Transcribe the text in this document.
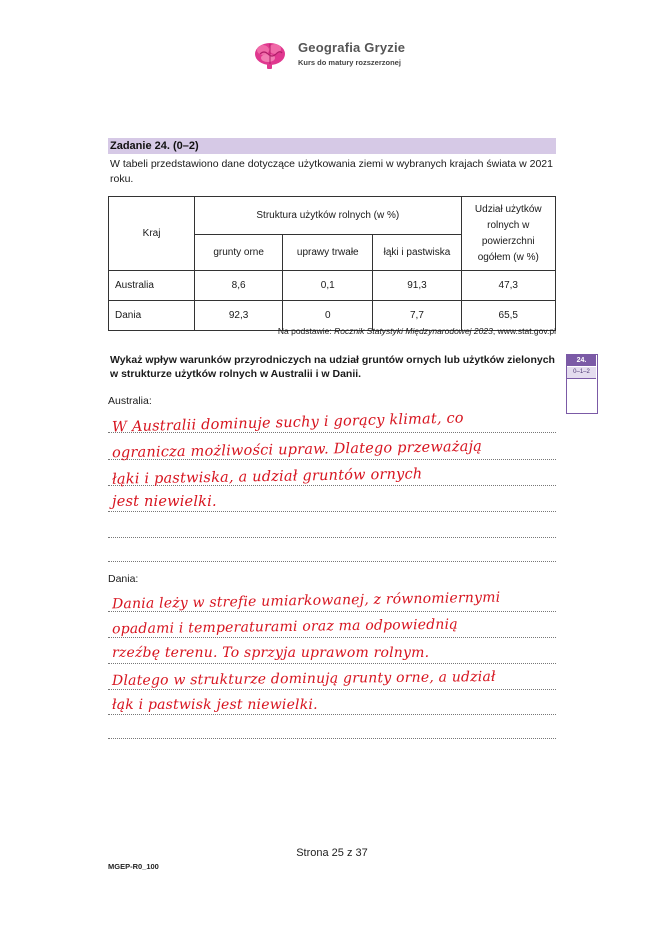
Geografia Gryzie
Kurs do matury rozszerzonej
Zadanie 24. (0–2)
W tabeli przedstawiono dane dotyczące użytkowania ziemi w wybranych krajach świata w 2021 roku.
Kraj	Struktura użytków rolnych (w %)			Udział użytków rolnych w powierzchni ogółem (w %)
	grunty orne	uprawy trwałe	łąki i pastwiska	
Australia	8,6	0,1	91,3	47,3
Dania	92,3	0	7,7	65,5
Na podstawie: Rocznik Statystyki Międzynarodowej 2023, www.stat.gov.pl
Wykaż wpływ warunków przyrodniczych na udział gruntów ornych lub użytków zielonych w strukturze użytków rolnych w Australii i w Danii.
24.
0–1–2
Australia:
W Australii dominuje suchy i gorący klimat, co
ogranicza możliwości upraw. Dlatego przeważają
łąki i pastwiska, a udział gruntów ornych
jest niewielki.
Dania:
Dania leży w strefie umiarkowanej, z równomiernymi
opadami i temperaturami oraz ma odpowiednią
rzeźbę terenu. To sprzyja uprawom rolnym.
Dlatego w strukturze dominują grunty orne, a udział
łąk i pastwisk jest niewielki.
Strona 25 z 37
MGEP-R0_100
